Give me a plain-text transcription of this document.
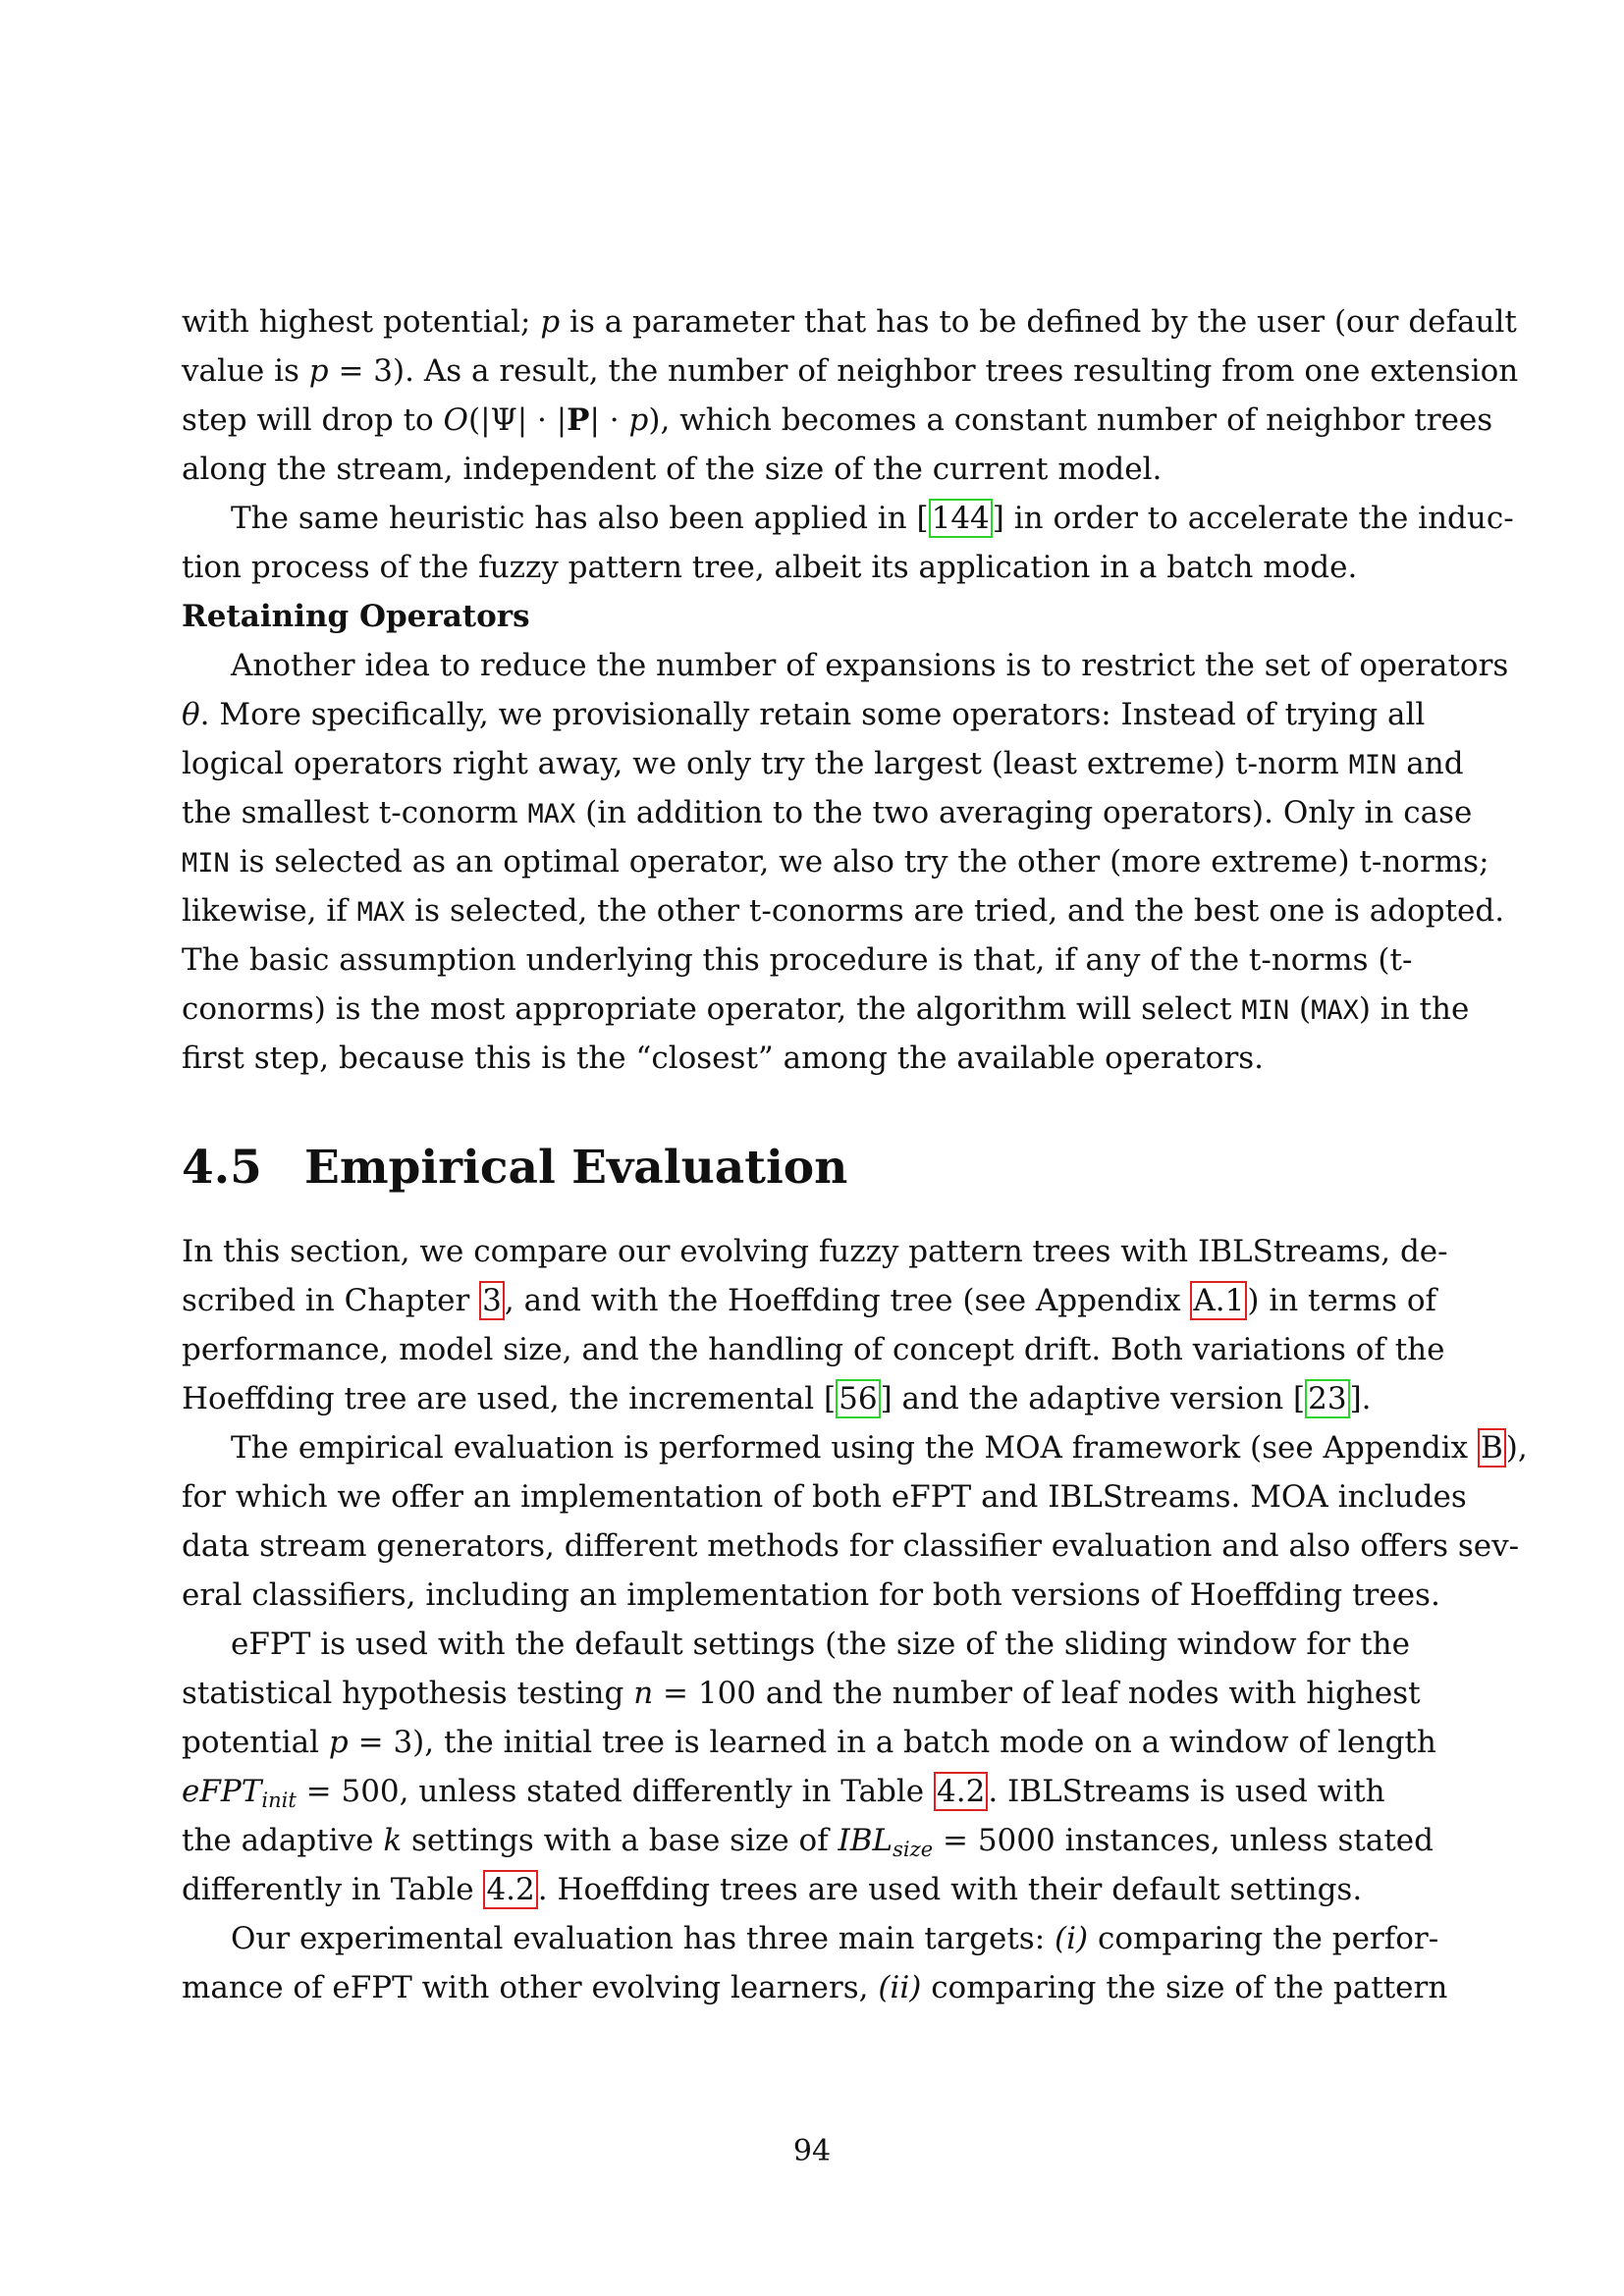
with highest potential; p is a parameter that has to be defined by the user (our default
value is p = 3). As a result, the number of neighbor trees resulting from one extension
step will drop to O(|Ψ| · |P| · p), which becomes a constant number of neighbor trees
along the stream, independent of the size of the current model.
The same heuristic has also been applied in [144] in order to accelerate the induc-
tion process of the fuzzy pattern tree, albeit its application in a batch mode.
Retaining Operators
Another idea to reduce the number of expansions is to restrict the set of operators
θ. More specifically, we provisionally retain some operators: Instead of trying all
logical operators right away, we only try the largest (least extreme) t-norm MIN and
the smallest t-conorm MAX (in addition to the two averaging operators). Only in case
MIN is selected as an optimal operator, we also try the other (more extreme) t-norms;
likewise, if MAX is selected, the other t-conorms are tried, and the best one is adopted.
The basic assumption underlying this procedure is that, if any of the t-norms (t-
conorms) is the most appropriate operator, the algorithm will select MIN (MAX) in the
first step, because this is the “closest” among the available operators.
4.5 Empirical Evaluation
In this section, we compare our evolving fuzzy pattern trees with IBLStreams, de-
scribed in Chapter 3, and with the Hoeffding tree (see Appendix A.1) in terms of
performance, model size, and the handling of concept drift. Both variations of the
Hoeffding tree are used, the incremental [56] and the adaptive version [23].
The empirical evaluation is performed using the MOA framework (see Appendix B),
for which we offer an implementation of both eFPT and IBLStreams. MOA includes
data stream generators, different methods for classifier evaluation and also offers sev-
eral classifiers, including an implementation for both versions of Hoeffding trees.
eFPT is used with the default settings (the size of the sliding window for the
statistical hypothesis testing n = 100 and the number of leaf nodes with highest
potential p = 3), the initial tree is learned in a batch mode on a window of length
eFPT$_{init}$ = 500, unless stated differently in Table 4.2. IBLStreams is used with
the adaptive k settings with a base size of $IBL_{size} = 5000$ instances, unless stated
differently in Table 4.2. Hoeffding trees are used with their default settings.
Our experimental evaluation has three main targets: (i) comparing the perfor-
mance of eFPT with other evolving learners, (ii) comparing the size of the pattern
94
